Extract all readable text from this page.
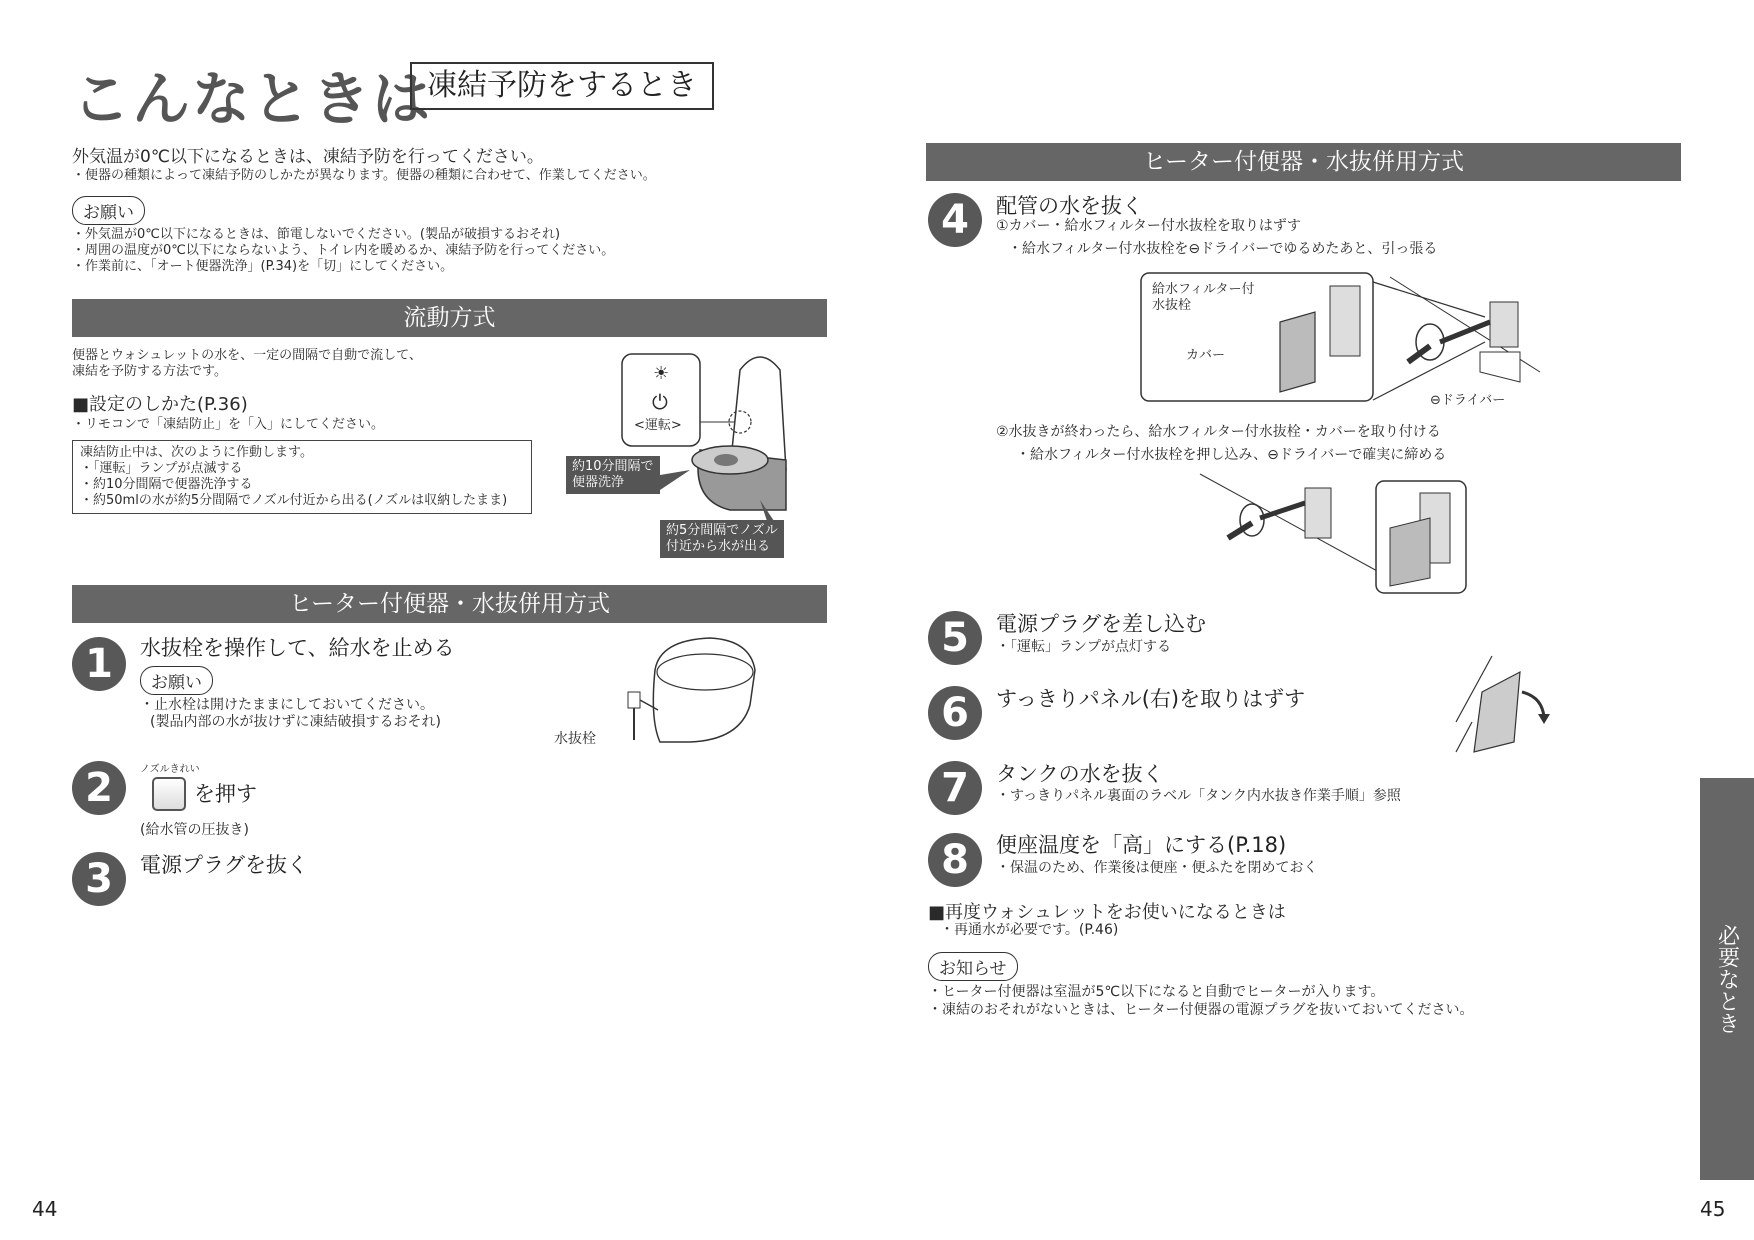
こんなときは
凍結予防をするとき
外気温が0℃以下になるときは、凍結予防を行ってください。
・便器の種類によって凍結予防のしかたが異なります。便器の種類に合わせて、作業してください。
お願い
・外気温が0℃以下になるときは、節電しないでください。(製品が破損するおそれ)
・周囲の温度が0℃以下にならないよう、トイレ内を暖めるか、凍結予防を行ってください。
・作業前に、「オート便器洗浄」(P.34)を「切」にしてください。
流動方式
便器とウォシュレットの水を、一定の間隔で自動で流して、
凍結を予防する方法です。
■設定のしかた(P.36)
・リモコンで「凍結防止」を「入」にしてください。
凍結防止中は、次のように作動します。
・「運転」ランプが点滅する
・約10分間隔で便器洗浄する
・約50mlの水が約5分間隔でノズル付近から出る(ノズルは収納したまま)
☀
⏻
<運転>
約10分間隔で
便器洗浄
約5分間隔でノズル
付近から水が出る
ヒーター付便器・水抜併用方式
1	水抜栓を操作して、給水を止める
お願い
・止水栓は開けたままにしておいてください。
(製品内部の水が抜けずに凍結破損するおそれ)
水抜栓
2	ノズルきれい
を押す
(給水管の圧抜き)
3	電源プラグを抜く
ヒーター付便器・水抜併用方式
4	配管の水を抜く
①カバー・給水フィルター付水抜栓を取りはずす
・給水フィルター付水抜栓を⊖ドライバーでゆるめたあと、引っ張る
給水フィルター付
水抜栓
カバー
⊖ドライバー
②水抜きが終わったら、給水フィルター付水抜栓・カバーを取り付ける
・給水フィルター付水抜栓を押し込み、⊖ドライバーで確実に締める
5	電源プラグを差し込む
・「運転」ランプが点灯する
6	すっきりパネル(右)を取りはずす
7	タンクの水を抜く
・すっきりパネル裏面のラベル「タンク内水抜き作業手順」参照
8	便座温度を「高」にする(P.18)
・保温のため、作業後は便座・便ふたを閉めておく
■再度ウォシュレットをお使いになるときは
・再通水が必要です。(P.46)
お知らせ
・ヒーター付便器は室温が5℃以下になると自動でヒーターが入ります。
・凍結のおそれがないときは、ヒーター付便器の電源プラグを抜いておいてください。	必要なとき
44	45
